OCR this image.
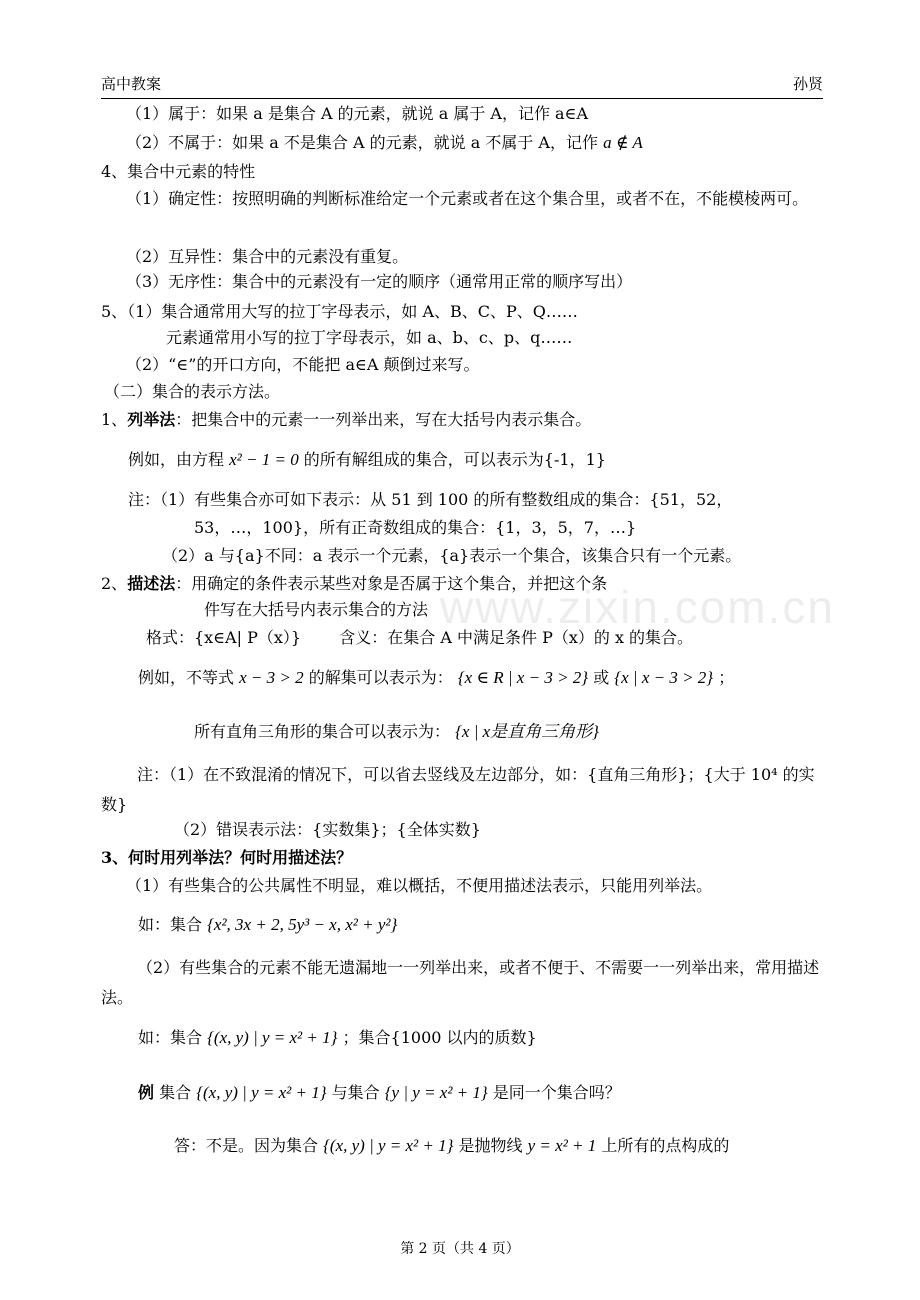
高中教案	孙贤
www.zixin.com.cn
（1）属于：如果 a 是集合 A 的元素，就说 a 属于 A，记作 a∈A
（2）不属于：如果 a 不是集合 A 的元素，就说 a 不属于 A，记作 a ∉ A
4、集合中元素的特性
（1）确定性：按照明确的判断标准给定一个元素或者在这个集合里，或者不在，不能模棱两可。
（2）互异性：集合中的元素没有重复。
（3）无序性：集合中的元素没有一定的顺序（通常用正常的顺序写出）
5、（1）集合通常用大写的拉丁字母表示，如 A、B、C、P、Q……
元素通常用小写的拉丁字母表示，如 a、b、c、p、q……
（2）“∈”的开口方向，不能把 a∈A 颠倒过来写。
（二）集合的表示方法。
1、列举法：把集合中的元素一一列举出来，写在大括号内表示集合。
例如，由方程 x² − 1 = 0 的所有解组成的集合，可以表示为{-1，1}
注：（1）有些集合亦可如下表示：从 51 到 100 的所有整数组成的集合：{51，52，
53，…，100}，所有正奇数组成的集合：{1，3，5，7，…}
（2）a 与{a}不同：a 表示一个元素，{a}表示一个集合，该集合只有一个元素。
2、描述法：用确定的条件表示某些对象是否属于这个集合，并把这个条
件写在大括号内表示集合的方法
格式：{x∈A| P（x）} 含义：在集合 A 中满足条件 P（x）的 x 的集合。
例如，不等式 x − 3 > 2 的解集可以表示为： {x ∈ R | x − 3 > 2} 或 {x | x − 3 > 2} ；
所有直角三角形的集合可以表示为： {x | x是直角三角形}
注：（1）在不致混淆的情况下，可以省去竖线及左边部分，如：{直角三角形}；{大于 10⁴ 的实数}
（2）错误表示法：{实数集}；{全体实数}
3、何时用列举法？何时用描述法？
（1）有些集合的公共属性不明显，难以概括，不便用描述法表示，只能用列举法。
如：集合 {x², 3x + 2, 5y³ − x, x² + y²}
（2）有些集合的元素不能无遗漏地一一列举出来，或者不便于、不需要一一列举出来，常用描述法。
如：集合 {(x, y) | y = x² + 1} ；集合{1000 以内的质数}
例 集合 {(x, y) | y = x² + 1} 与集合 {y | y = x² + 1} 是同一个集合吗？
答：不是。因为集合 {(x, y) | y = x² + 1} 是抛物线 y = x² + 1 上所有的点构成的
第 2 页（共 4 页）
